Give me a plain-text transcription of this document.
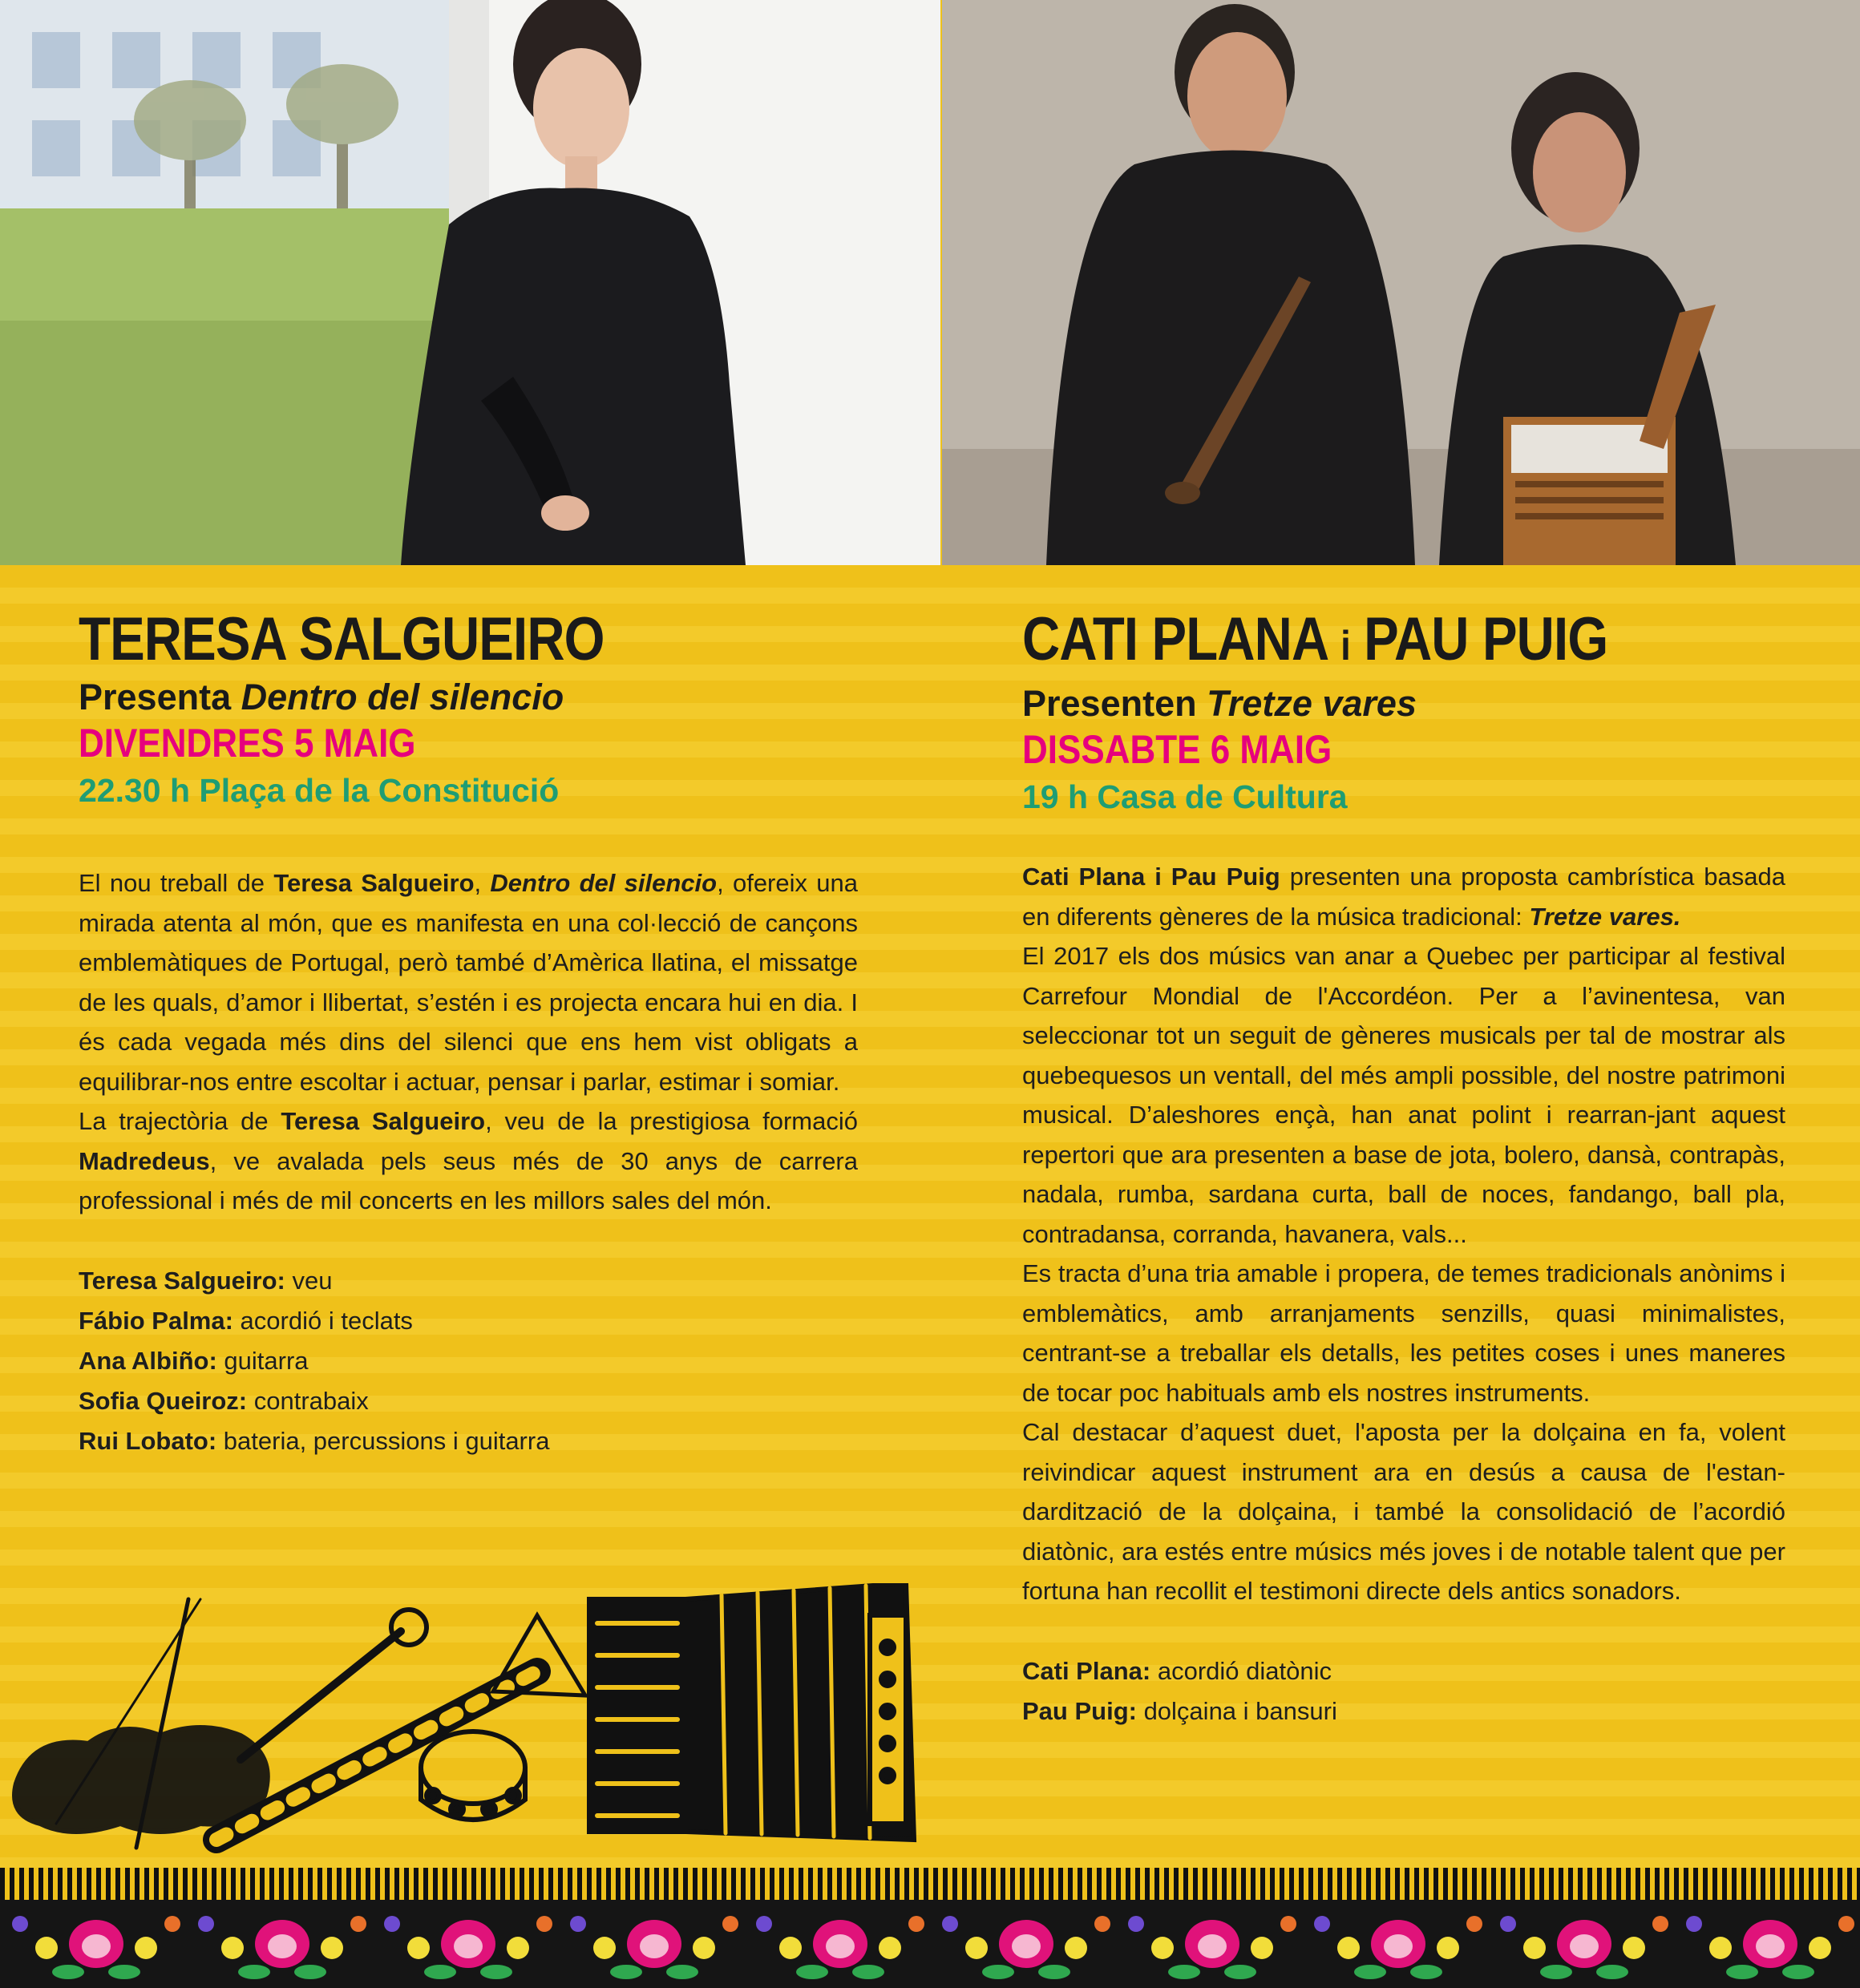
TERESA SALGUEIRO
Presenta Dentro del silencio
DIVENDRES 5 MAIG
22.30 h Plaça de la Constitució

El nou treball de Teresa Salgueiro, Dentro del silencio, ofereix una mirada atenta al món, que es manifesta en una col·lecció de cançons emblemàtiques de Portugal, però també d’Amèrica llatina, el missatge de les quals, d’amor i llibertat, s’estén i es projecta encara hui en dia. I és cada vegada més dins del silenci que ens hem vist obligats a equilibrar-nos entre escoltar i actuar, pensar i parlar, estimar i somiar.

La trajectòria de Teresa Salgueiro, veu de la prestigiosa formació Madredeus, ve avalada pels seus més de 30 anys de carrera professional i més de mil concerts en les millors sales del món.

Teresa Salgueiro: veu
Fábio Palma: acordió i teclats
Ana Albiño: guitarra
Sofia Queiroz: contrabaix
Rui Lobato: bateria, percussions i guitarra
CATI PLANA i PAU PUIG
Presenten Tretze vares
DISSABTE 6 MAIG
19 h Casa de Cultura

Cati Plana i Pau Puig presenten una proposta cambrística basada en diferents gèneres de la música tradicional: Tretze vares.

El 2017 els dos músics van anar a Quebec per participar al festival Carrefour Mondial de l'Accordéon. Per a l’avinentesa, van seleccionar tot un seguit de gèneres musicals per tal de mostrar als quebequesos un ventall, del més ampli possible, del nostre patrimoni musical. D’aleshores ençà, han anat polint i rearran-jant aquest repertori que ara presenten a base de jota, bolero, dansà, contrapàs, nadala, rumba, sardana curta, ball de noces, fandango, ball pla, contradansa, corranda, havanera, vals...

Es tracta d’una tria amable i propera, de temes tradicionals anònims i emblemàtics, amb arranjaments senzills, quasi minimalistes, centrant-se a treballar els detalls, les petites coses i unes maneres de tocar poc habituals amb els nostres instruments.

Cal destacar d’aquest duet, l'aposta per la dolçaina en fa, volent reivindicar aquest instrument ara en desús a causa de l'estan-dardització de la dolçaina, i també la consolidació de l’acordió diatònic, ara estés entre músics més joves i de notable talent que per fortuna han recollit el testimoni directe dels antics sonadors.

Cati Plana: acordió diatònic
Pau Puig: dolçaina i bansuri
